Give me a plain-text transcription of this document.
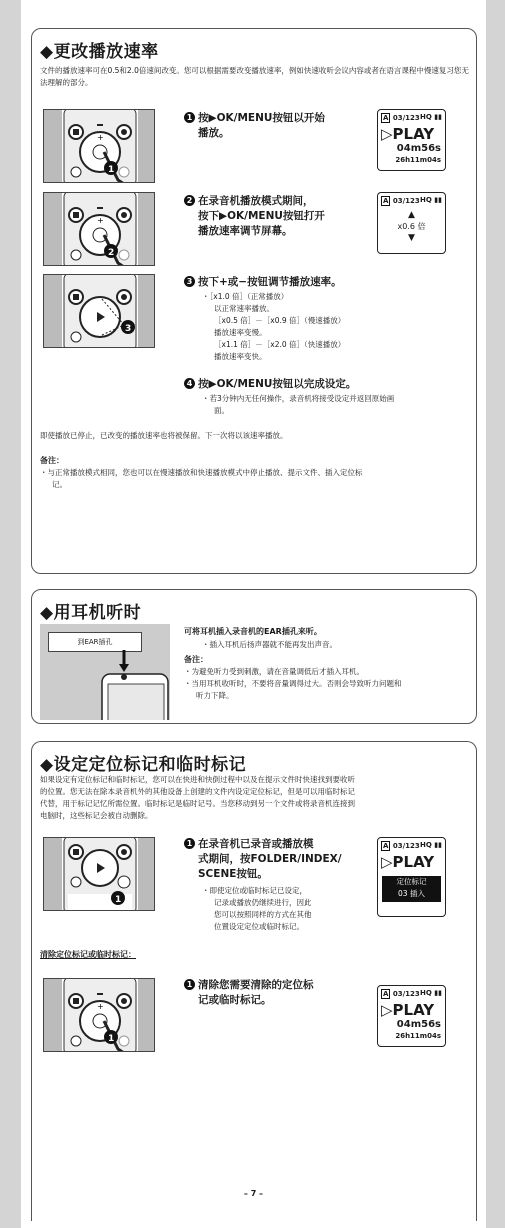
◆更改播放速率
文件的播放速率可在0.5和2.0倍速间改变。您可以根据需要改变播放速率，例如快速收听会议内容或者在语言课程中慢速复习您无法理解的部分。
+
1
1 按▶OK/MENU按钮以开始
播放。
A 03/123 HQ ▮▮
▷PLAY
04m56s
26h11m04s
+
2
2 在录音机播放模式期间，
按下▶OK/MENU按钮打开
播放速率调节屏幕。
A 03/123 HQ ▮▮
▲
x0.6 倍
▼
3
3 按下+或−按钮调节播放速率。
・ ［x1.0 倍］（正常播放）
以正常速率播放。
［x0.5 倍］－［x0.9 倍］（慢速播放）
播放速率变慢。
［x1.1 倍］－［x2.0 倍］（快速播放）
播放速率变快。
4 按▶OK/MENU按钮以完成设定。
・ 若3分钟内无任何操作，录音机将接受设定并返回原始画
面。
即使播放已停止，已改变的播放速率也将被保留。下一次将以该速率播放。
备注：
・ 与正常播放模式相同，您也可以在慢速播放和快速播放模式中停止播放、提示文件、插入定位标
记。
◆用耳机听时
到EAR插孔
可将耳机插入录音机的EAR插孔来听。
・ 插入耳机后扬声器就不能再发出声音。
备注：
・ 为避免听力受到刺激，请在音量调低后才插入耳机。
・ 当用耳机收听时，不要将音量调得过大。否则会导致听力问题和
听力下降。
◆设定定位标记和临时标记
如果设定有定位标记和临时标记，您可以在快进和快倒过程中以及在提示文件时快速找到要收听
的位置。您无法在除本录音机外的其他设备上创建的文件内设定定位标记，但是可以用临时标记
代替，用于标记记忆所需位置。临时标记是临时记号。当您移动到另一个文件或将录音机连接到
电脑时，这些标记会被自动删除。
1
1 在录音机已录音或播放模
式期间，按FOLDER/INDEX/
SCENE按钮。
・ 即使定位或临时标记已设定，
记录或播放仍继续进行，因此
您可以按照同样的方式在其他
位置设定定位或临时标记。
A 03/123 HQ ▮▮
▷PLAY
定位标记
03 插入
清除定位标记或临时标记：
+
1
1 清除您需要清除的定位标
记或临时标记。	A 03/123 HQ ▮▮
▷PLAY
04m56s
26h11m04s
– 7 –
